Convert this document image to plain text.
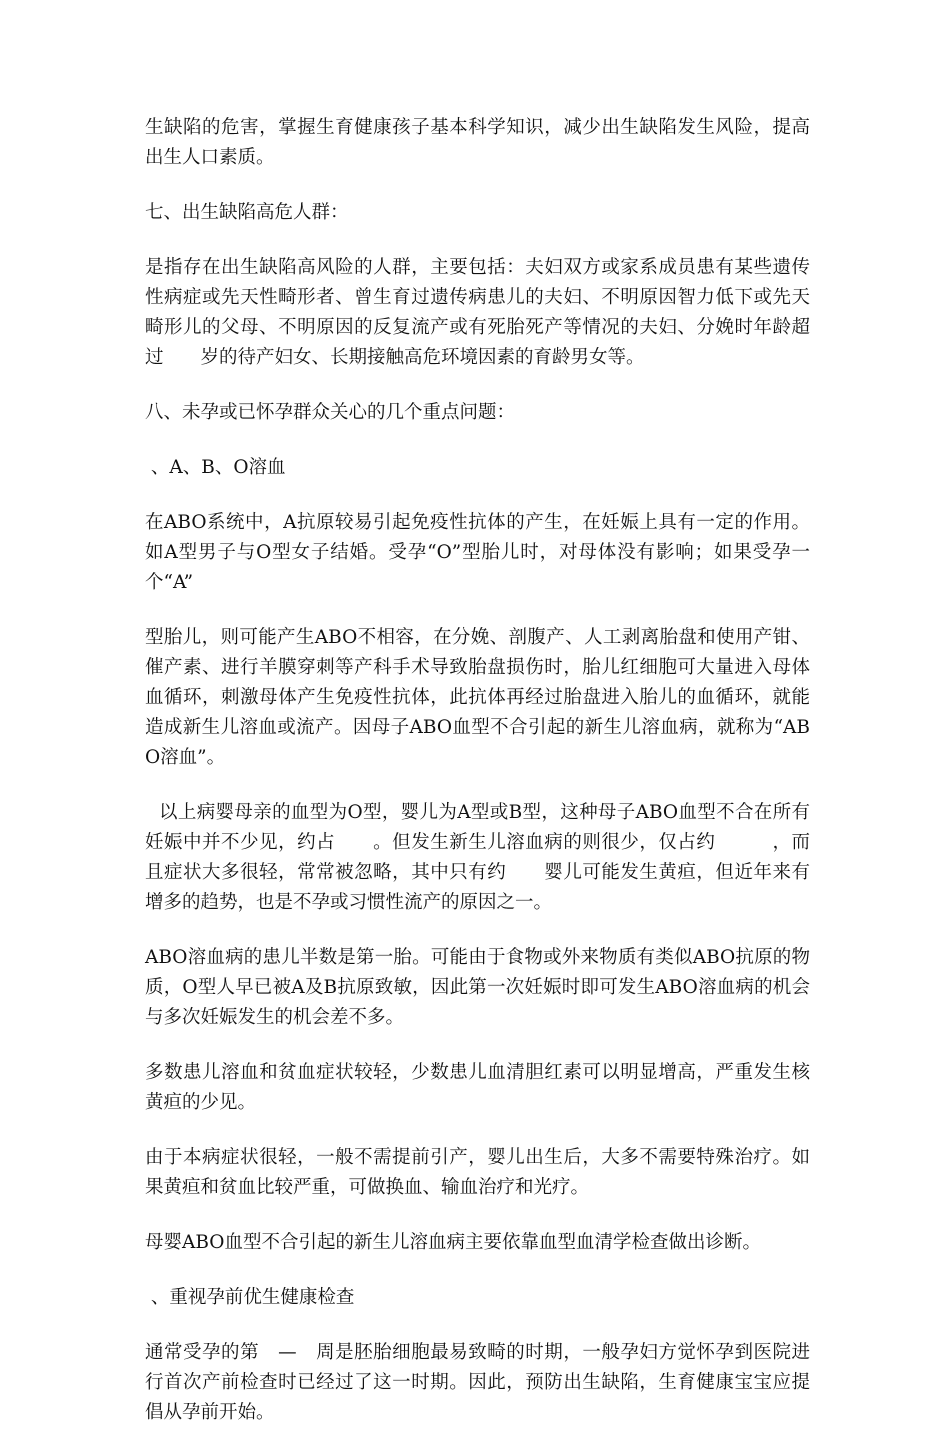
生缺陷的危害，掌握生育健康孩子基本科学知识，减少出生缺陷发生风险，提高出生人口素质。

七、出生缺陷高危人群：

是指存在出生缺陷高风险的人群，主要包括：夫妇双方或家系成员患有某些遗传性病症或先天性畸形者、曾生育过遗传病患儿的夫妇、不明原因智力低下或先天畸形儿的父母、不明原因的反复流产或有死胎死产等情况的夫妇、分娩时年龄超过　　岁的待产妇女、长期接触高危环境因素的育龄男女等。

八、未孕或已怀孕群众关心的几个重点问题：

、A、B、O溶血

在ABO系统中，A抗原较易引起免疫性抗体的产生，在妊娠上具有一定的作用。如A型男子与O型女子结婚。受孕“O”型胎儿时，对母体没有影响；如果受孕一个“A”

型胎儿，则可能产生ABO不相容，在分娩、剖腹产、人工剥离胎盘和使用产钳、催产素、进行羊膜穿刺等产科手术导致胎盘损伤时，胎儿红细胞可大量进入母体血循环，刺激母体产生免疫性抗体，此抗体再经过胎盘进入胎儿的血循环，就能造成新生儿溶血或流产。因母子ABO血型不合引起的新生儿溶血病，就称为“ABO溶血”。

以上病婴母亲的血型为O型，婴儿为A型或B型，这种母子ABO血型不合在所有妊娠中并不少见，约占　　。但发生新生儿溶血病的则很少，仅占约　　　，而且症状大多很轻，常常被忽略，其中只有约　　婴儿可能发生黄疸，但近年来有增多的趋势，也是不孕或习惯性流产的原因之一。

ABO溶血病的患儿半数是第一胎。可能由于食物或外来物质有类似ABO抗原的物质，O型人早已被A及B抗原致敏，因此第一次妊娠时即可发生ABO溶血病的机会与多次妊娠发生的机会差不多。

多数患儿溶血和贫血症状较轻，少数患儿血清胆红素可以明显增高，严重发生核黄疸的少见。

由于本病症状很轻，一般不需提前引产，婴儿出生后，大多不需要特殊治疗。如果黄疸和贫血比较严重，可做换血、输血治疗和光疗。

母婴ABO血型不合引起的新生儿溶血病主要依靠血型血清学检查做出诊断。

、重视孕前优生健康检查

通常受孕的第　—　周是胚胎细胞最易致畸的时期，一般孕妇方觉怀孕到医院进行首次产前检查时已经过了这一时期。因此，预防出生缺陷，生育健康宝宝应提倡从孕前开始。
